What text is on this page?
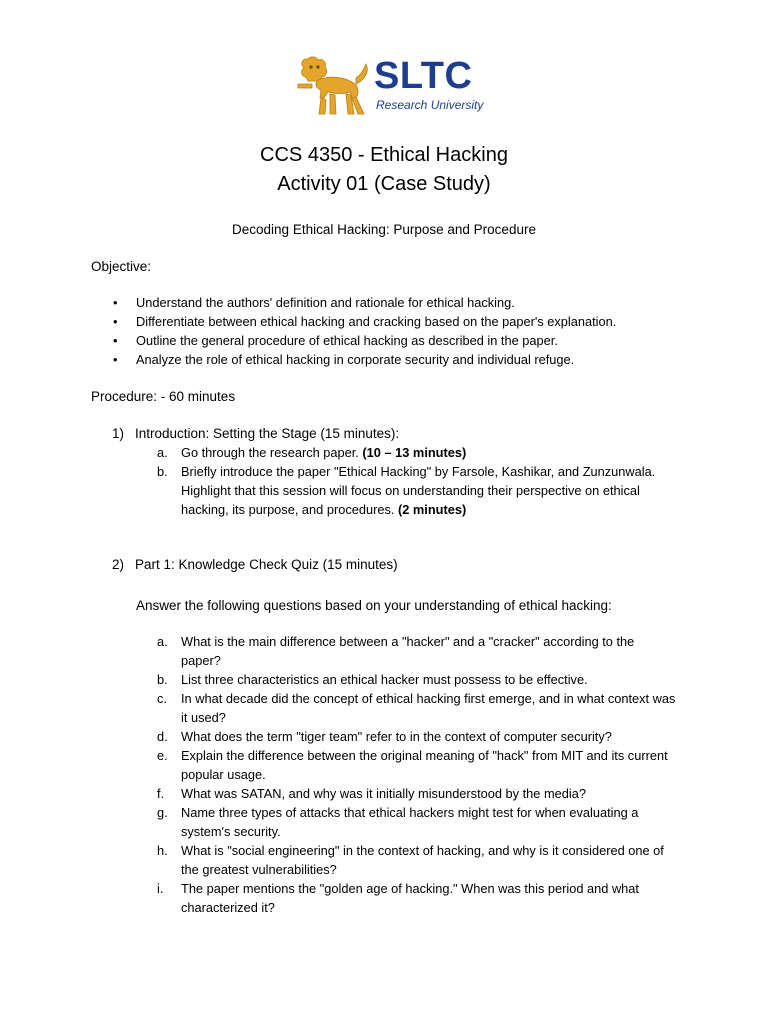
SLTC
Research University
CCS 4350 - Ethical Hacking
Activity 01 (Case Study)
Decoding Ethical Hacking: Purpose and Procedure
Objective:
• Understand the authors' definition and rationale for ethical hacking.
• Differentiate between ethical hacking and cracking based on the paper's explanation.
• Outline the general procedure of ethical hacking as described in the paper.
• Analyze the role of ethical hacking in corporate security and individual refuge.
Procedure: - 60 minutes
1) Introduction: Setting the Stage (15 minutes):
a. Go through the research paper. (10 – 13 minutes)
b. Briefly introduce the paper "Ethical Hacking" by Farsole, Kashikar, and Zunzunwala. Highlight that this session will focus on understanding their perspective on ethical hacking, its purpose, and procedures. (2 minutes)
2) Part 1: Knowledge Check Quiz (15 minutes)
Answer the following questions based on your understanding of ethical hacking:
a. What is the main difference between a "hacker" and a "cracker" according to the paper?
b. List three characteristics an ethical hacker must possess to be effective.
c. In what decade did the concept of ethical hacking first emerge, and in what context was it used?
d. What does the term "tiger team" refer to in the context of computer security?
e. Explain the difference between the original meaning of "hack" from MIT and its current popular usage.
f. What was SATAN, and why was it initially misunderstood by the media?
g. Name three types of attacks that ethical hackers might test for when evaluating a system's security.
h. What is "social engineering" in the context of hacking, and why is it considered one of the greatest vulnerabilities?
i. The paper mentions the "golden age of hacking." When was this period and what characterized it?
